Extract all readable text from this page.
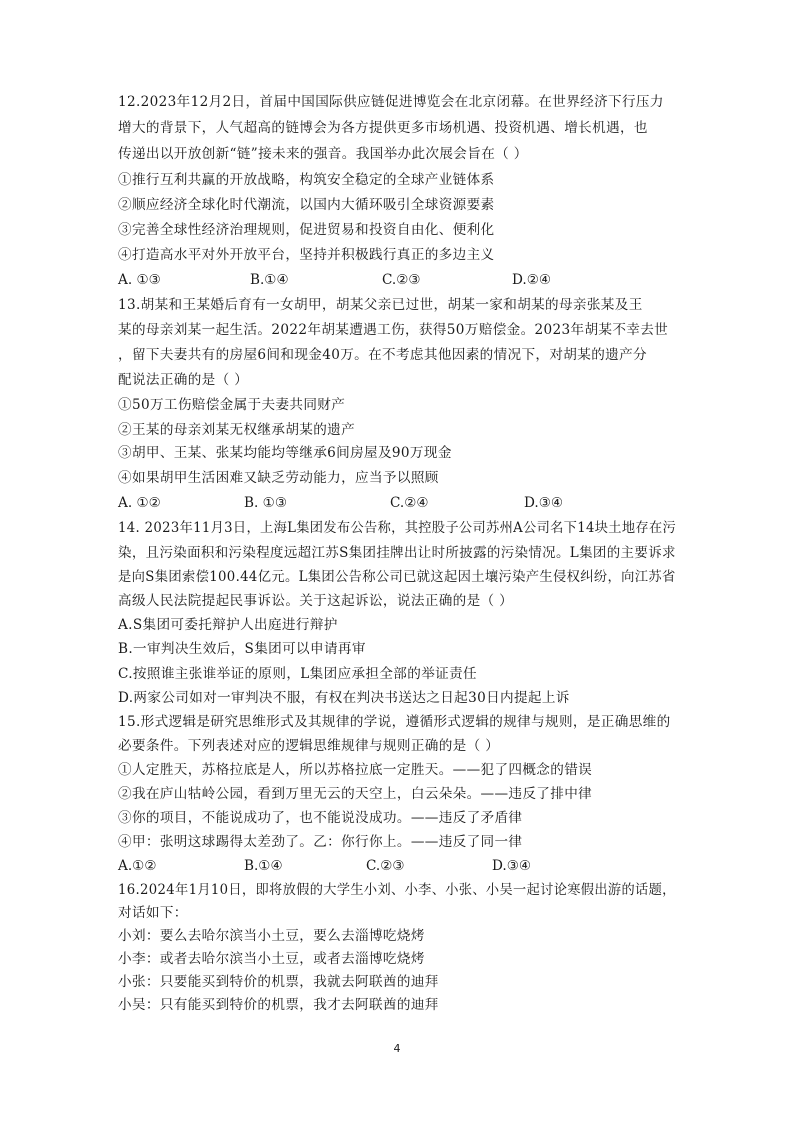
12.2023年12月2日，首届中国国际供应链促进博览会在北京闭幕。在世界经济下行压力
增大的背景下，人气超高的链博会为各方提供更多市场机遇、投资机遇、增长机遇，也
传递出以开放创新“链”接未来的强音。我国举办此次展会旨在（ ）
①推行互利共赢的开放战略，构筑安全稳定的全球产业链体系
②顺应经济全球化时代潮流，以国内大循环吸引全球资源要素
③完善全球性经济治理规则，促进贸易和投资自由化、便利化
④打造高水平对外开放平台，坚持并积极践行真正的多边主义
A. ①③	B.①④	C.②③	D.②④
13.胡某和王某婚后育有一女胡甲，胡某父亲已过世，胡某一家和胡某的母亲张某及王
某的母亲刘某一起生活。2022年胡某遭遇工伤，获得50万赔偿金。2023年胡某不幸去世
，留下夫妻共有的房屋6间和现金40万。在不考虑其他因素的情况下，对胡某的遗产分
配说法正确的是（ ）
①50万工伤赔偿金属于夫妻共同财产
②王某的母亲刘某无权继承胡某的遗产
③胡甲、王某、张某均能均等继承6间房屋及90万现金
④如果胡甲生活困难又缺乏劳动能力，应当予以照顾
A. ①②	B. ①③	C.②④	D.③④
14. 2023年11月3日，上海L集团发布公告称，其控股子公司苏州A公司名下14块土地存在污
染，且污染面积和污染程度远超江苏S集团挂牌出让时所披露的污染情况。L集团的主要诉求
是向S集团索偿100.44亿元。L集团公告称公司已就这起因土壤污染产生侵权纠纷，向江苏省
高级人民法院提起民事诉讼。关于这起诉讼，说法正确的是（ ）
A.S集团可委托辩护人出庭进行辩护
B.一审判决生效后，S集团可以申请再审
C.按照谁主张谁举证的原则，L集团应承担全部的举证责任
D.两家公司如对一审判决不服，有权在判决书送达之日起30日内提起上诉
15.形式逻辑是研究思维形式及其规律的学说，遵循形式逻辑的规律与规则，是正确思维的
必要条件。下列表述对应的逻辑思维规律与规则正确的是（ ）
①人定胜天，苏格拉底是人，所以苏格拉底一定胜天。——犯了四概念的错误
②我在庐山牯岭公园，看到万里无云的天空上，白云朵朵。——违反了排中律
③你的项目，不能说成功了，也不能说没成功。——违反了矛盾律
④甲：张明这球踢得太差劲了。乙：你行你上。——违反了同一律
A.①②	B.①④	C.②③	D.③④
16.2024年1月10日，即将放假的大学生小刘、小李、小张、小吴一起讨论寒假出游的话题，
对话如下：
小刘：要么去哈尔滨当小土豆，要么去淄博吃烧烤
小李：或者去哈尔滨当小土豆，或者去淄博吃烧烤
小张：只要能买到特价的机票，我就去阿联酋的迪拜
小吴：只有能买到特价的机票，我才去阿联酋的迪拜
4
